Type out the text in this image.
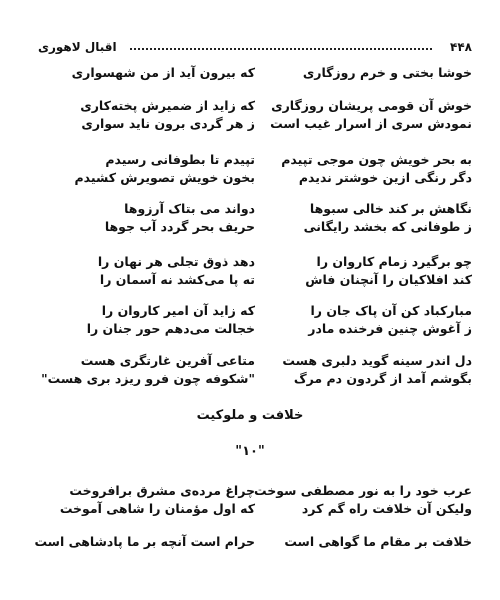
اقبال لاهوری	۴۴۸
خوشا بختی و خرم روزگاری
که بیرون آید از من شهسواری
خوش آن قومی پریشان روزگاری
که زاید از ضمیرش پخته‌کاری
نمودش سری از اسرار غیب است
ز هر گردی برون ناید سواری
به بحر خویش چون موجی تپیدم
تپیدم تا بطوفانی رسیدم
دگر رنگی ازین خوشتر ندیدم
بخون خویش تصویرش کشیدم
نگاهش بر کند خالی سبوها
دواند می بتاک آرزوها
ز طوفانی که بخشد رایگانی
حریف بحر گردد آب جوها
چو برگیرد زمام کاروان را
دهد ذوق تجلی هر نهان را
کند افلاکیان را آنچنان فاش
ته پا می‌کشد نه آسمان را
مبارکباد کن آن پاک جان را
که زاید آن امیر کاروان را
ز آغوش چنین فرخنده مادر
خجالت می‌دهم حور جنان را
دل اندر سینه گوید دلبری هست
متاعی آفرین غارتگری هست
بگوشم آمد از گردون دم مرگ
"شکوفه چون فرو ریزد بری هست"
خلافت و ملوکیت
"۱۰"
عرب خود را به نور مصطفی سوخت
چراغ مرده‌ی مشرق برافروخت
ولیکن آن خلافت راه گم کرد
که اول مؤمنان را شاهی آموخت
خلافت بر مقام ما گواهی است
حرام است آنچه بر ما پادشاهی است
